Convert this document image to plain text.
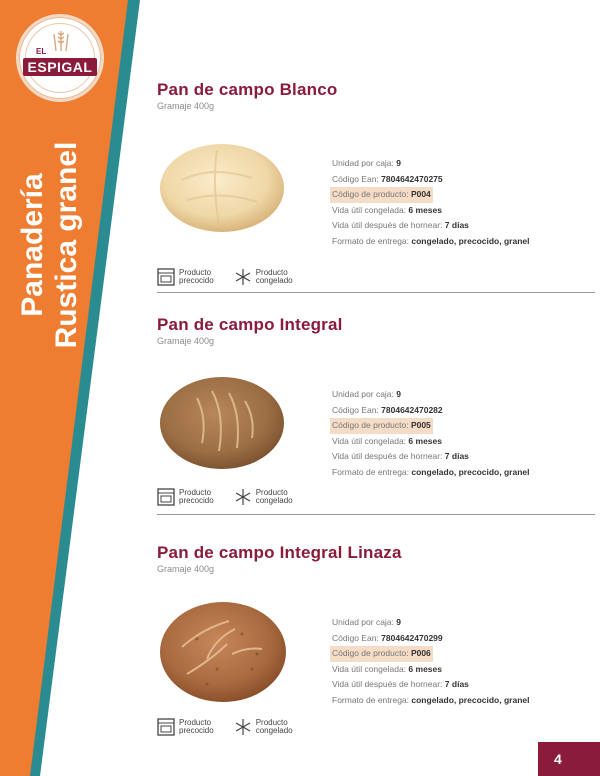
EL
ESPIGAL
Panadería Rustica granel
Pan de campo Blanco
Gramaje 400g
Unidad por caja: 9
Código Ean: 7804642470275
Código de producto: P004
Vida útil congelada: 6 meses
Vida útil después de hornear: 7 días
Formato de entrega: congelado, precocido, granel
Producto
precocido
Producto
congelado
Pan de campo Integral
Gramaje 400g
Unidad por caja: 9
Código Ean: 7804642470282
Código de producto: P005
Vida útil congelada: 6 meses
Vida útil después de hornear: 7 días
Formato de entrega: congelado, precocido, granel
Producto
precocido
Producto
congelado
Pan de campo Integral Linaza
Gramaje 400g
Unidad por caja: 9
Código Ean: 7804642470299
Código de producto: P006
Vida útil congelada: 6 meses
Vida útil después de hornear: 7 días
Formato de entrega: congelado, precocido, granel
Producto
precocido
Producto
congelado
4
